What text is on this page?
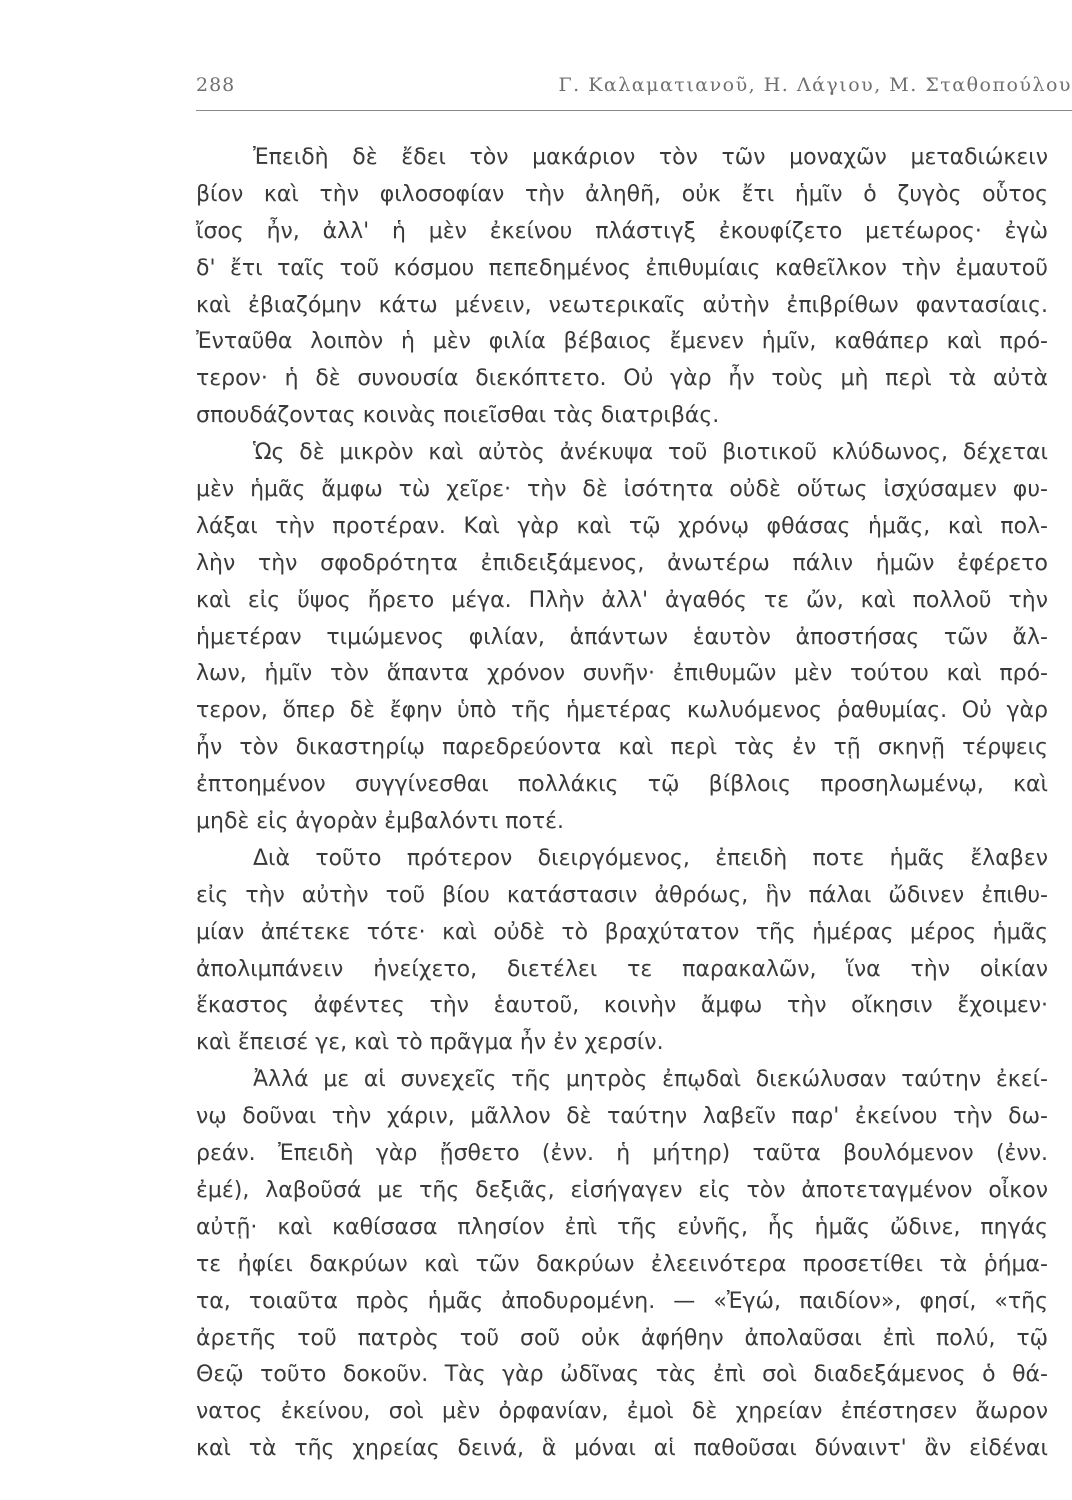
288	Γ. Καλαματιανοῦ, Η. Λάγιου, Μ. Σταθοπούλου
Ἐπειδὴ δὲ ἔδει τὸν μακάριον τὸν τῶν μοναχῶν μεταδιώκειν
βίον καὶ τὴν φιλοσοφίαν τὴν ἀληθῆ, οὐκ ἔτι ἡμῖν ὁ ζυγὸς οὗτος
ἴσος ἦν, ἀλλ' ἡ μὲν ἐκείνου πλάστιγξ ἐκουφίζετο μετέωρος· ἐγὼ
δ' ἔτι ταῖς τοῦ κόσμου πεπεδημένος ἐπιθυμίαις καθεῖλκον τὴν ἐμαυτοῦ
καὶ ἐβιαζόμην κάτω μένειν, νεωτερικαῖς αὐτὴν ἐπιβρίθων φαντασίαις.
Ἐνταῦθα λοιπὸν ἡ μὲν φιλία βέβαιος ἔμενεν ἡμῖν, καθάπερ καὶ πρό-
τερον· ἡ δὲ συνουσία διεκόπτετο. Οὐ γὰρ ἦν τοὺς μὴ περὶ τὰ αὐτὰ
σπουδάζοντας κοινὰς ποιεῖσθαι τὰς διατριβάς.
Ὡς δὲ μικρὸν καὶ αὐτὸς ἀνέκυψα τοῦ βιοτικοῦ κλύδωνος, δέχεται
μὲν ἡμᾶς ἄμφω τὼ χεῖρε· τὴν δὲ ἰσότητα οὐδὲ οὕτως ἰσχύσαμεν φυ-
λάξαι τὴν προτέραν. Καὶ γὰρ καὶ τῷ χρόνῳ φθάσας ἡμᾶς, καὶ πολ-
λὴν τὴν σφοδρότητα ἐπιδειξάμενος, ἀνωτέρω πάλιν ἡμῶν ἐφέρετο
καὶ εἰς ὕψος ἤρετο μέγα. Πλὴν ἀλλ' ἀγαθός τε ὤν, καὶ πολλοῦ τὴν
ἡμετέραν τιμώμενος φιλίαν, ἁπάντων ἑαυτὸν ἀποστήσας τῶν ἄλ-
λων, ἡμῖν τὸν ἅπαντα χρόνον συνῆν· ἐπιθυμῶν μὲν τούτου καὶ πρό-
τερον, ὅπερ δὲ ἔφην ὑπὸ τῆς ἡμετέρας κωλυόμενος ῥαθυμίας. Οὐ γὰρ
ἦν τὸν δικαστηρίῳ παρεδρεύοντα καὶ περὶ τὰς ἐν τῇ σκηνῇ τέρψεις
ἐπτοημένον συγγίνεσθαι πολλάκις τῷ βίβλοις προσηλωμένῳ, καὶ
μηδὲ εἰς ἀγορὰν ἐμβαλόντι ποτέ.
Διὰ τοῦτο πρότερον διειργόμενος, ἐπειδὴ ποτε ἡμᾶς ἔλαβεν
εἰς τὴν αὐτὴν τοῦ βίου κατάστασιν ἀθρόως, ἣν πάλαι ὤδινεν ἐπιθυ-
μίαν ἀπέτεκε τότε· καὶ οὐδὲ τὸ βραχύτατον τῆς ἡμέρας μέρος ἡμᾶς
ἀπολιμπάνειν ἠνείχετο, διετέλει τε παρακαλῶν, ἵνα τὴν οἰκίαν
ἕκαστος ἀφέντες τὴν ἑαυτοῦ, κοινὴν ἄμφω τὴν οἴκησιν ἔχοιμεν·
καὶ ἔπεισέ γε, καὶ τὸ πρᾶγμα ἦν ἐν χερσίν.
Ἀλλά με αἱ συνεχεῖς τῆς μητρὸς ἐπῳδαὶ διεκώλυσαν ταύτην ἐκεί-
νῳ δοῦναι τὴν χάριν, μᾶλλον δὲ ταύτην λαβεῖν παρ' ἐκείνου τὴν δω-
ρεάν. Ἐπειδὴ γὰρ ᾔσθετο (ἐνν. ἡ μήτηρ) ταῦτα βουλόμενον (ἐνν.
ἐμέ), λαβοῦσά με τῆς δεξιᾶς, εἰσήγαγεν εἰς τὸν ἀποτεταγμένον οἶκον
αὐτῇ· καὶ καθίσασα πλησίον ἐπὶ τῆς εὐνῆς, ἧς ἡμᾶς ὤδινε, πηγάς
τε ἠφίει δακρύων καὶ τῶν δακρύων ἐλεεινότερα προσετίθει τὰ ῥήμα-
τα, τοιαῦτα πρὸς ἡμᾶς ἀποδυρομένη. — «Ἐγώ, παιδίον», φησί, «τῆς
ἀρετῆς τοῦ πατρὸς τοῦ σοῦ οὐκ ἀφήθην ἀπολαῦσαι ἐπὶ πολύ, τῷ
Θεῷ τοῦτο δοκοῦν. Τὰς γὰρ ὠδῖνας τὰς ἐπὶ σοὶ διαδεξάμενος ὁ θά-
νατος ἐκείνου, σοὶ μὲν ὀρφανίαν, ἐμοὶ δὲ χηρείαν ἐπέστησεν ἄωρον
καὶ τὰ τῆς χηρείας δεινά, ἃ μόναι αἱ παθοῦσαι δύναιντ' ἂν εἰδέναι
